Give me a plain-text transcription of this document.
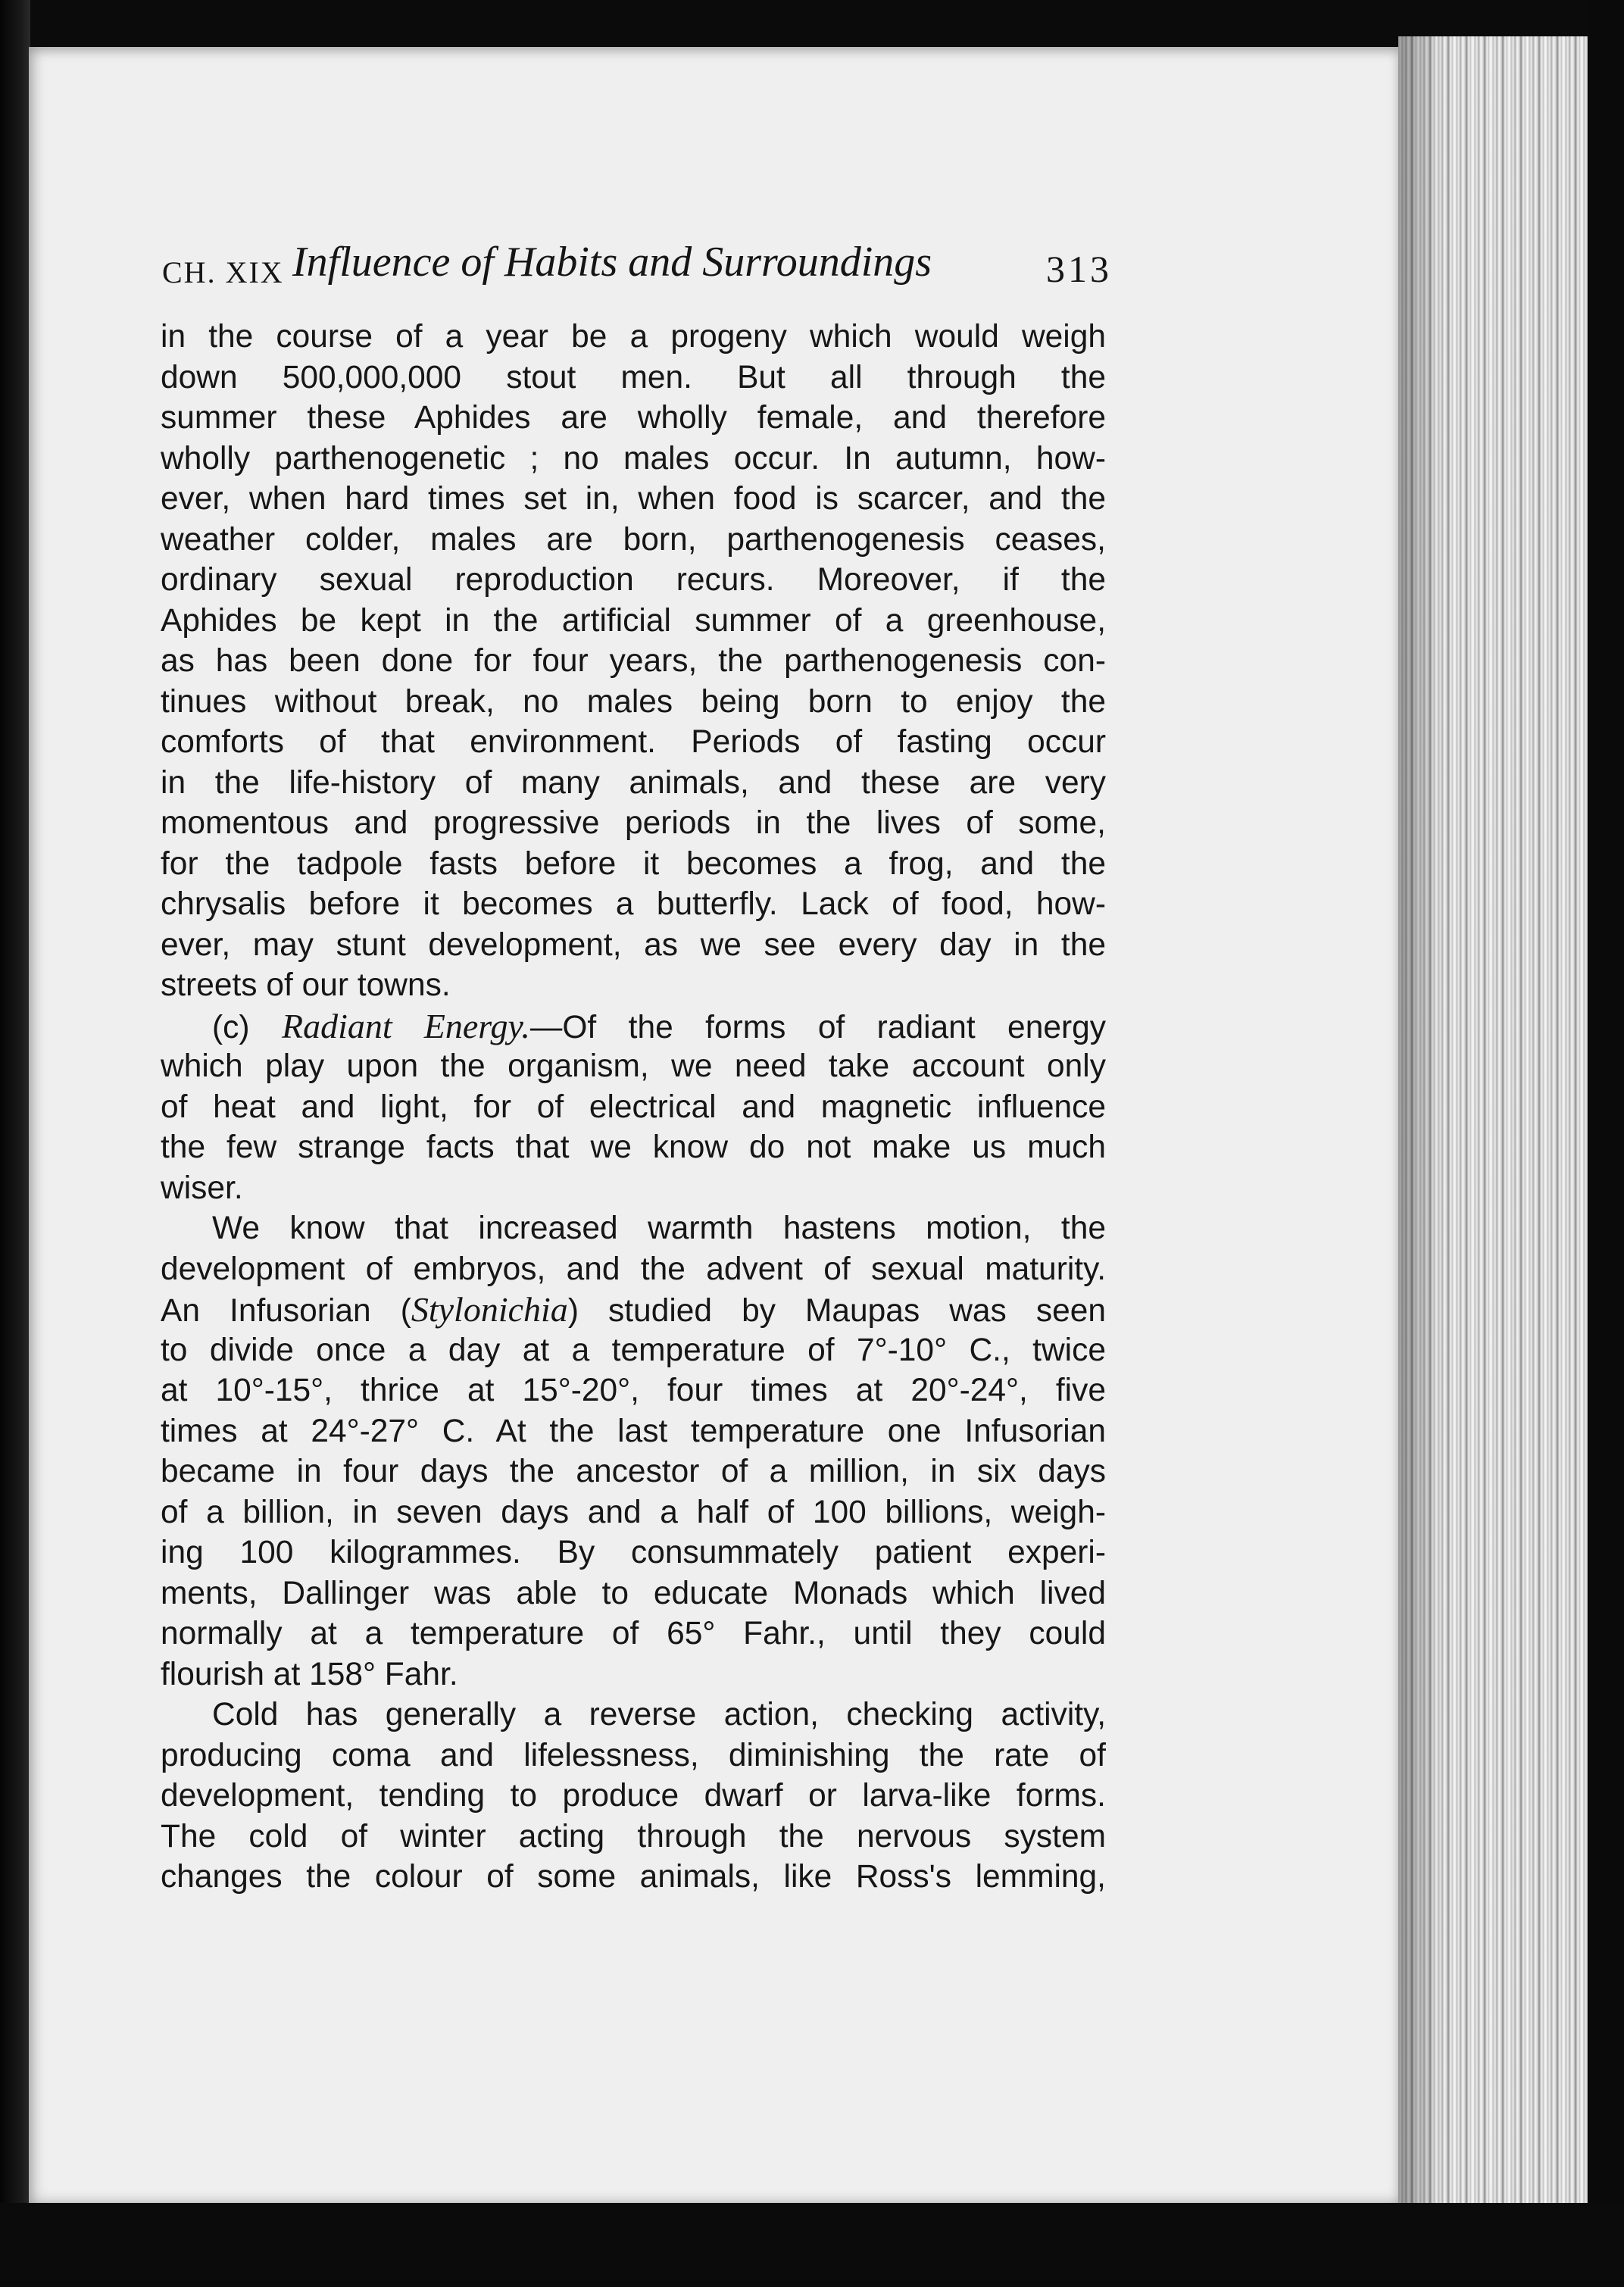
CH. XIX Influence of Habits and Surroundings	313
in the course of a year be a progeny which would weigh
down 500,000,000 stout men. But all through the
summer these Aphides are wholly female, and therefore
wholly parthenogenetic ; no males occur. In autumn, how-
ever, when hard times set in, when food is scarcer, and the
weather colder, males are born, parthenogenesis ceases,
ordinary sexual reproduction recurs. Moreover, if the
Aphides be kept in the artificial summer of a greenhouse,
as has been done for four years, the parthenogenesis con-
tinues without break, no males being born to enjoy the
comforts of that environment. Periods of fasting occur
in the life-history of many animals, and these are very
momentous and progressive periods in the lives of some,
for the tadpole fasts before it becomes a frog, and the
chrysalis before it becomes a butterfly. Lack of food, how-
ever, may stunt development, as we see every day in the
streets of our towns.
(c) Radiant Energy.—Of the forms of radiant energy
which play upon the organism, we need take account only
of heat and light, for of electrical and magnetic influence
the few strange facts that we know do not make us much
wiser.
We know that increased warmth hastens motion, the
development of embryos, and the advent of sexual maturity.
An Infusorian (Stylonichia) studied by Maupas was seen
to divide once a day at a temperature of 7°-10° C., twice
at 10°-15°, thrice at 15°-20°, four times at 20°-24°, five
times at 24°-27° C. At the last temperature one Infusorian
became in four days the ancestor of a million, in six days
of a billion, in seven days and a half of 100 billions, weigh-
ing 100 kilogrammes. By consummately patient experi-
ments, Dallinger was able to educate Monads which lived
normally at a temperature of 65° Fahr., until they could
flourish at 158° Fahr.
Cold has generally a reverse action, checking activity,
producing coma and lifelessness, diminishing the rate of
development, tending to produce dwarf or larva-like forms.
The cold of winter acting through the nervous system
changes the colour of some animals, like Ross's lemming,
